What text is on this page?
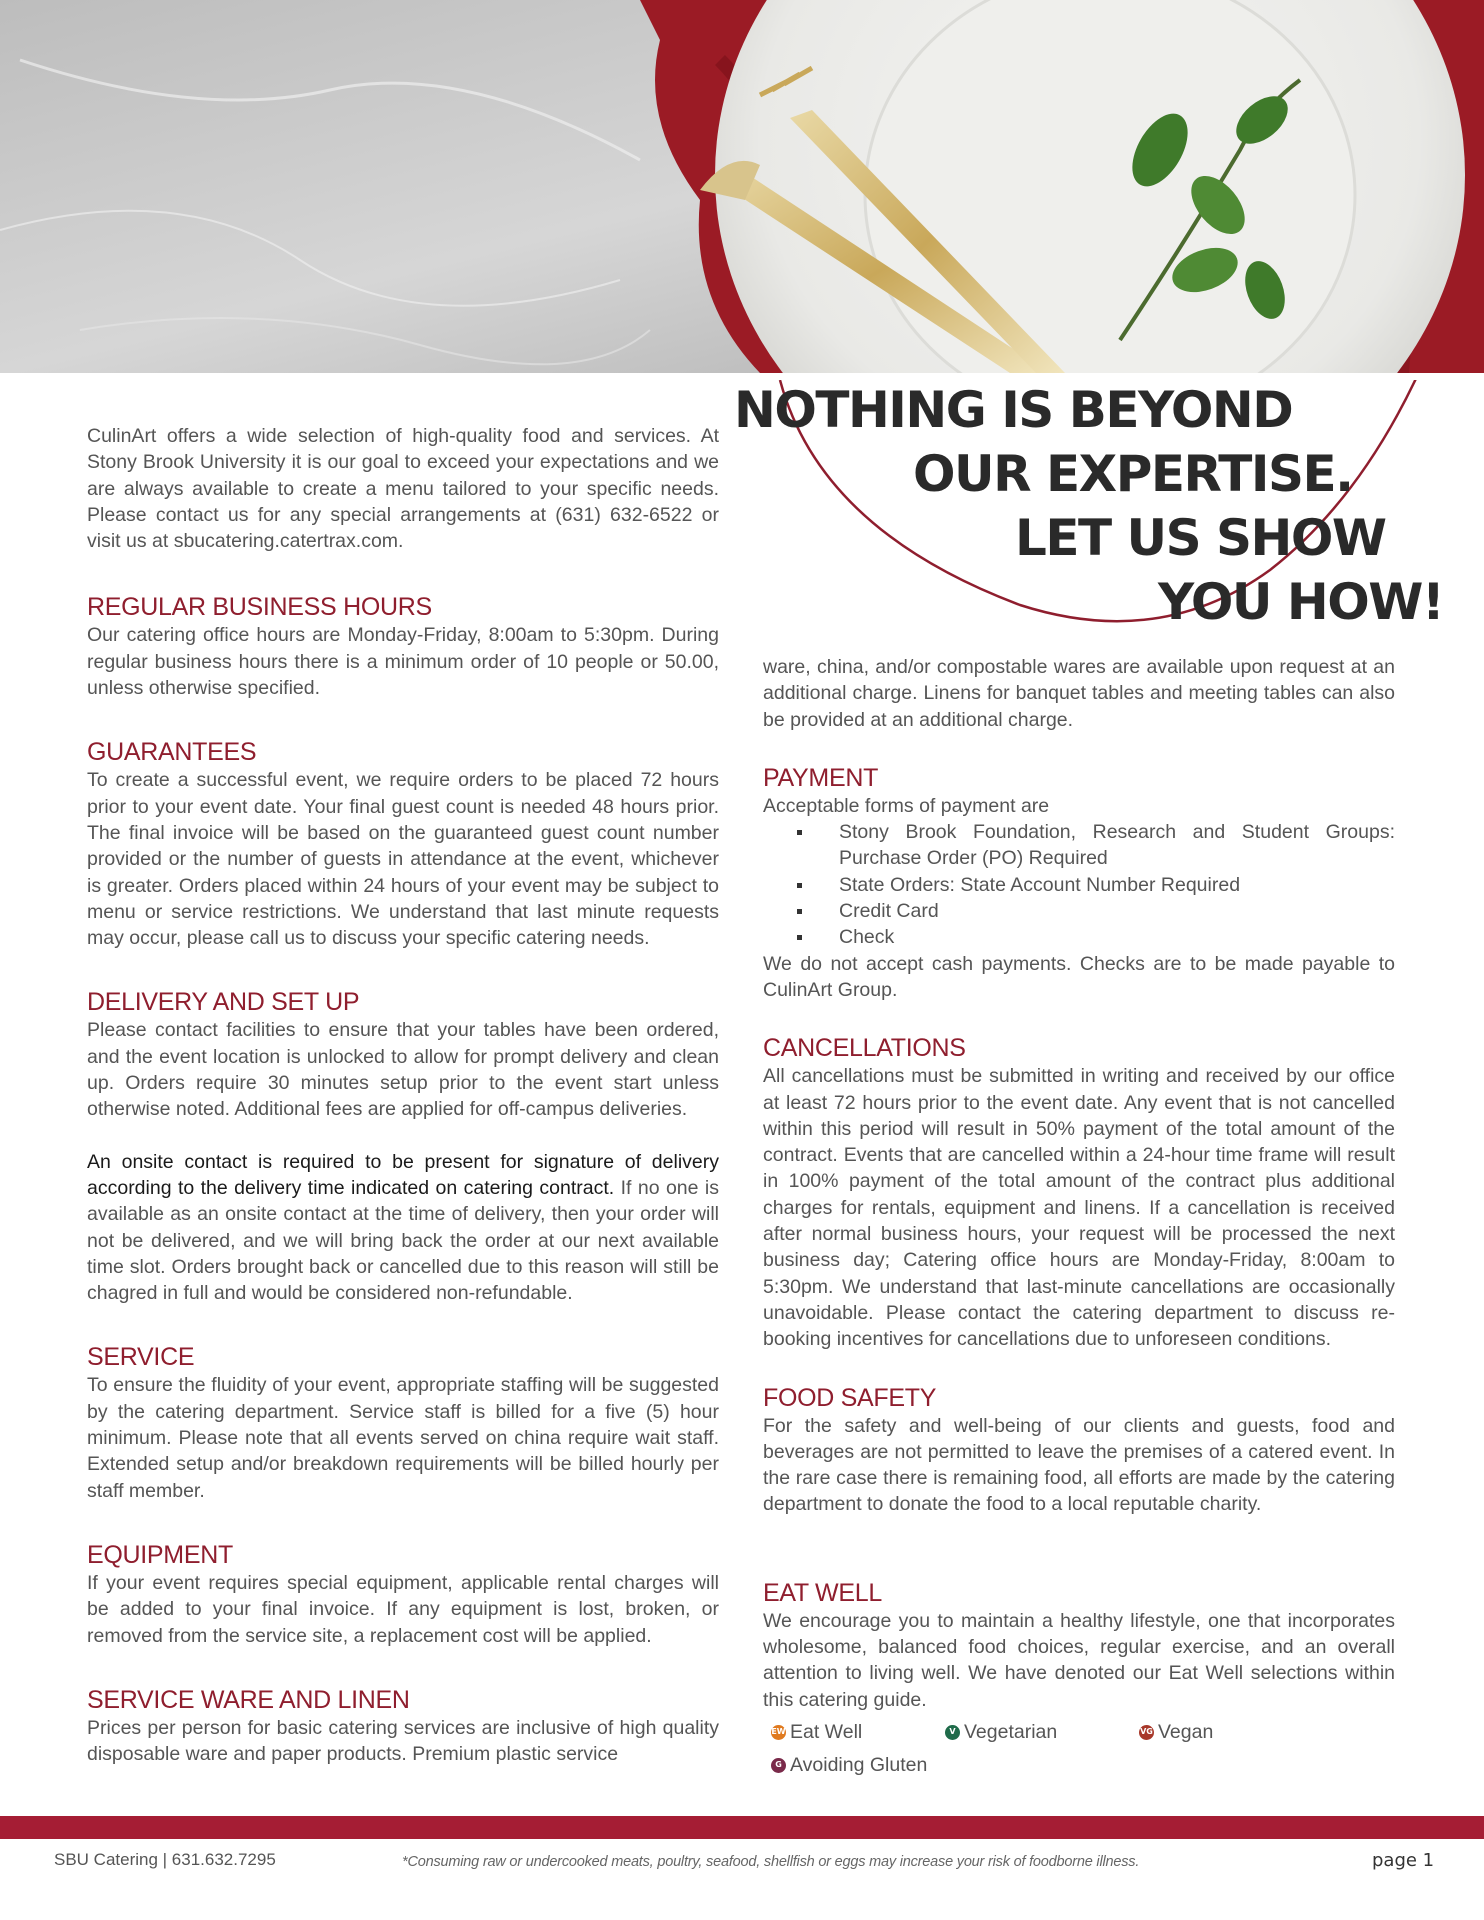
NOTHING IS BEYOND
OUR EXPERTISE.
LET US SHOW
YOU HOW!

CulinArt offers a wide selection of high-quality food and services. At Stony Brook University it is our goal to exceed your expectations and we are always available to create a menu tailored to your specific needs. Please contact us for any special arrangements at (631) 632-6522 or visit us at sbucatering.catertrax.com.

REGULAR BUSINESS HOURS

Our catering office hours are Monday-Friday, 8:00am to 5:30pm. During regular business hours there is a minimum order of 10 people or 50.00, unless otherwise specified.

GUARANTEES

To create a successful event, we require orders to be placed 72 hours prior to your event date. Your final guest count is needed 48 hours prior. The final invoice will be based on the guaranteed guest count number provided or the number of guests in attendance at the event, whichever is greater. Orders placed within 24 hours of your event may be subject to menu or service restrictions. We understand that last minute requests may occur, please call us to discuss your specific catering needs.

DELIVERY AND SET UP

Please contact facilities to ensure that your tables have been ordered, and the event location is unlocked to allow for prompt delivery and clean up. Orders require 30 minutes setup prior to the event start unless otherwise noted. Additional fees are applied for off-campus deliveries.

An onsite contact is required to be present for signature of delivery according to the delivery time indicated on catering contract. If no one is available as an onsite contact at the time of delivery, then your order will not be delivered, and we will bring back the order at our next available time slot. Orders brought back or cancelled due to this reason will still be chagred in full and would be considered non-refundable.

SERVICE

To ensure the fluidity of your event, appropriate staffing will be suggested by the catering department. Service staff is billed for a five (5) hour minimum. Please note that all events served on china require wait staff. Extended setup and/or breakdown requirements will be billed hourly per staff member.

EQUIPMENT

If your event requires special equipment, applicable rental charges will be added to your final invoice. If any equipment is lost, broken, or removed from the service site, a replacement cost will be applied.

SERVICE WARE AND LINEN

Prices per person for basic catering services are inclusive of high quality disposable ware and paper products. Premium plastic service

ware, china, and/or compostable wares are available upon request at an additional charge. Linens for banquet tables and meeting tables can also be provided at an additional charge.

PAYMENT

Acceptable forms of payment are

Stony Brook Foundation, Research and Student Groups: Purchase Order (PO) Required
State Orders: State Account Number Required
Credit Card
Check

We do not accept cash payments. Checks are to be made payable to CulinArt Group.

CANCELLATIONS

All cancellations must be submitted in writing and received by our office at least 72 hours prior to the event date. Any event that is not cancelled within this period will result in 50% payment of the total amount of the contract. Events that are cancelled within a 24-hour time frame will result in 100% payment of the total amount of the contract plus additional charges for rentals, equipment and linens. If a cancellation is received after normal business hours, your request will be processed the next business day; Catering office hours are Monday-Friday, 8:00am to 5:30pm. We understand that last-minute cancellations are occasionally unavoidable. Please contact the catering department to discuss re-booking incentives for cancellations due to unforeseen conditions.

FOOD SAFETY

For the safety and well-being of our clients and guests, food and beverages are not permitted to leave the premises of a catered event. In the rare case there is remaining food, all efforts are made by the catering department to donate the food to a local reputable charity.

EAT WELL

We encourage you to maintain a healthy lifestyle, one that incorporates wholesome, balanced food choices, regular exercise, and an overall attention to living well. We have denoted our Eat Well selections within this catering guide.

EW Eat Well	V Vegetarian	VG Vegan
G Avoiding Gluten
SBU Catering | 631.632.7295	*Consuming raw or undercooked meats, poultry, seafood, shellfish or eggs may increase your risk of foodborne illness.	page 1
